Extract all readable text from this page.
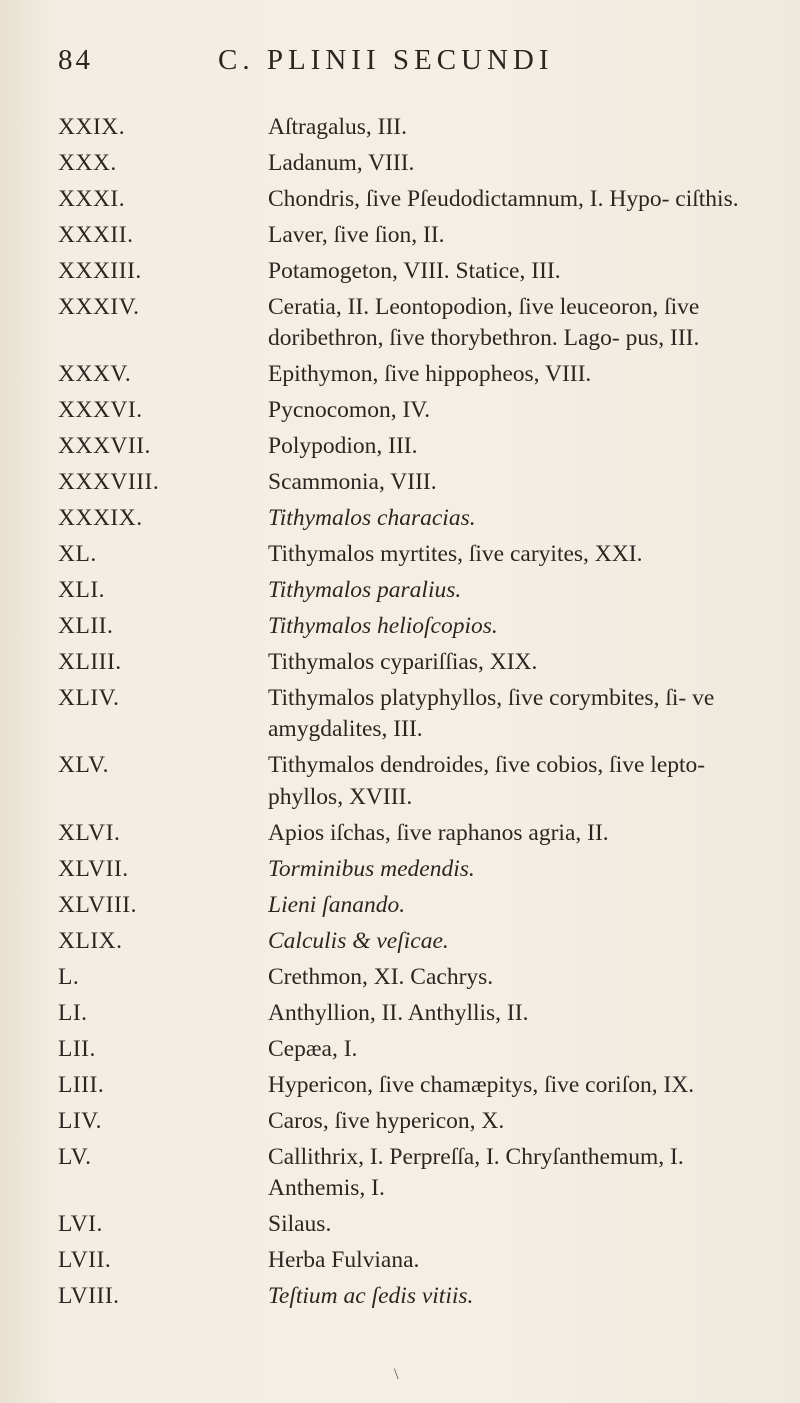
84	C. PLINII SECUNDI
XXIX.	Aſtragalus, III.
XXX.	Ladanum, VIII.
XXXI.	Chondris, ſive Pſeudodictamnum, I. Hypo- ciſthis.
XXXII.	Laver, ſive ſion, II.
XXXIII.	Potamogeton, VIII. Statice, III.
XXXIV.	Ceratia, II. Leontopodion, ſive leuceoron, ſive doribethron, ſive thorybethron. Lago- pus, III.
XXXV.	Epithymon, ſive hippopheos, VIII.
XXXVI.	Pycnocomon, IV.
XXXVII.	Polypodion, III.
XXXVIII.	Scammonia, VIII.
XXXIX.	Tithymalos characias.
XL.	Tithymalos myrtites, ſive caryites, XXI.
XLI.	Tithymalos paralius.
XLII.	Tithymalos helioſcopios.
XLIII.	Tithymalos cypariſſias, XIX.
XLIV.	Tithymalos platyphyllos, ſive corymbites, ſi- ve amygdalites, III.
XLV.	Tithymalos dendroides, ſive cobios, ſive lepto- phyllos, XVIII.
XLVI.	Apios iſchas, ſive raphanos agria, II.
XLVII.	Torminibus medendis.
XLVIII.	Lieni ſanando.
XLIX.	Calculis & veſicae.
L.	Crethmon, XI. Cachrys.
LI.	Anthyllion, II. Anthyllis, II.
LII.	Cepæa, I.
LIII.	Hypericon, ſive chamæpitys, ſive coriſon, IX.
LIV.	Caros, ſive hypericon, X.
LV.	Callithrix, I. Perpreſſa, I. Chryſanthemum, I. Anthemis, I.
LVI.	Silaus.
LVII.	Herba Fulviana.
LVIII.	Teſtium ac ſedis vitiis.
\
